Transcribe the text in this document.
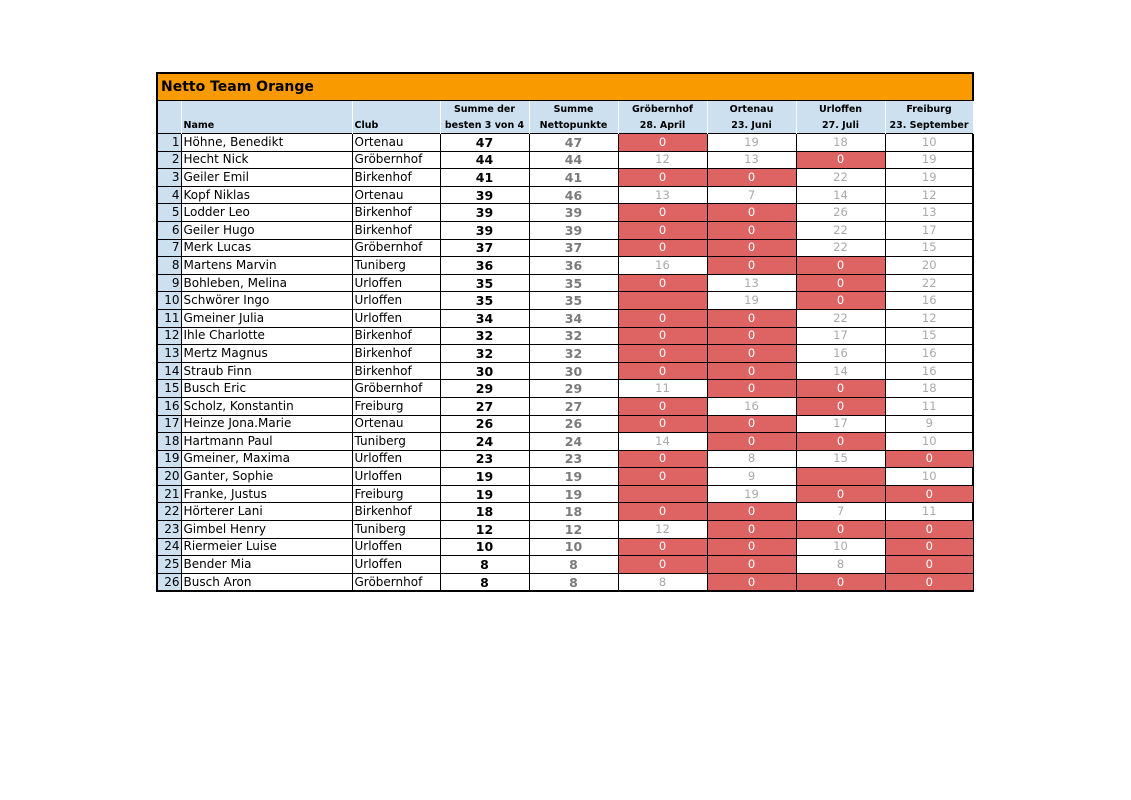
Netto Team Orange
			Summe der	Summe	Gröbernhof	Ortenau	Urloffen	Freiburg
	Name	Club	besten 3 von 4	Nettopunkte	28. April	23. Juni	27. Juli	23. September
1	Höhne, Benedikt	Ortenau	47	47	0	19	18	10
2	Hecht Nick	Gröbernhof	44	44	12	13	0	19
3	Geiler Emil	Birkenhof	41	41	0	0	22	19
4	Kopf Niklas	Ortenau	39	46	13	7	14	12
5	Lodder Leo	Birkenhof	39	39	0	0	26	13
6	Geiler Hugo	Birkenhof	39	39	0	0	22	17
7	Merk Lucas	Gröbernhof	37	37	0	0	22	15
8	Martens Marvin	Tuniberg	36	36	16	0	0	20
9	Bohleben, Melina	Urloffen	35	35	0	13	0	22
10	Schwörer Ingo	Urloffen	35	35		19	0	16
11	Gmeiner Julia	Urloffen	34	34	0	0	22	12
12	Ihle Charlotte	Birkenhof	32	32	0	0	17	15
13	Mertz Magnus	Birkenhof	32	32	0	0	16	16
14	Straub Finn	Birkenhof	30	30	0	0	14	16
15	Busch Eric	Gröbernhof	29	29	11	0	0	18
16	Scholz, Konstantin	Freiburg	27	27	0	16	0	11
17	Heinze Jona.Marie	Ortenau	26	26	0	0	17	9
18	Hartmann Paul	Tuniberg	24	24	14	0	0	10
19	Gmeiner, Maxima	Urloffen	23	23	0	8	15	0
20	Ganter, Sophie	Urloffen	19	19	0	9		10
21	Franke, Justus	Freiburg	19	19		19	0	0
22	Hörterer Lani	Birkenhof	18	18	0	0	7	11
23	Gimbel Henry	Tuniberg	12	12	12	0	0	0
24	Riermeier Luise	Urloffen	10	10	0	0	10	0
25	Bender Mia	Urloffen	8	8	0	0	8	0
26	Busch Aron	Gröbernhof	8	8	8	0	0	0
